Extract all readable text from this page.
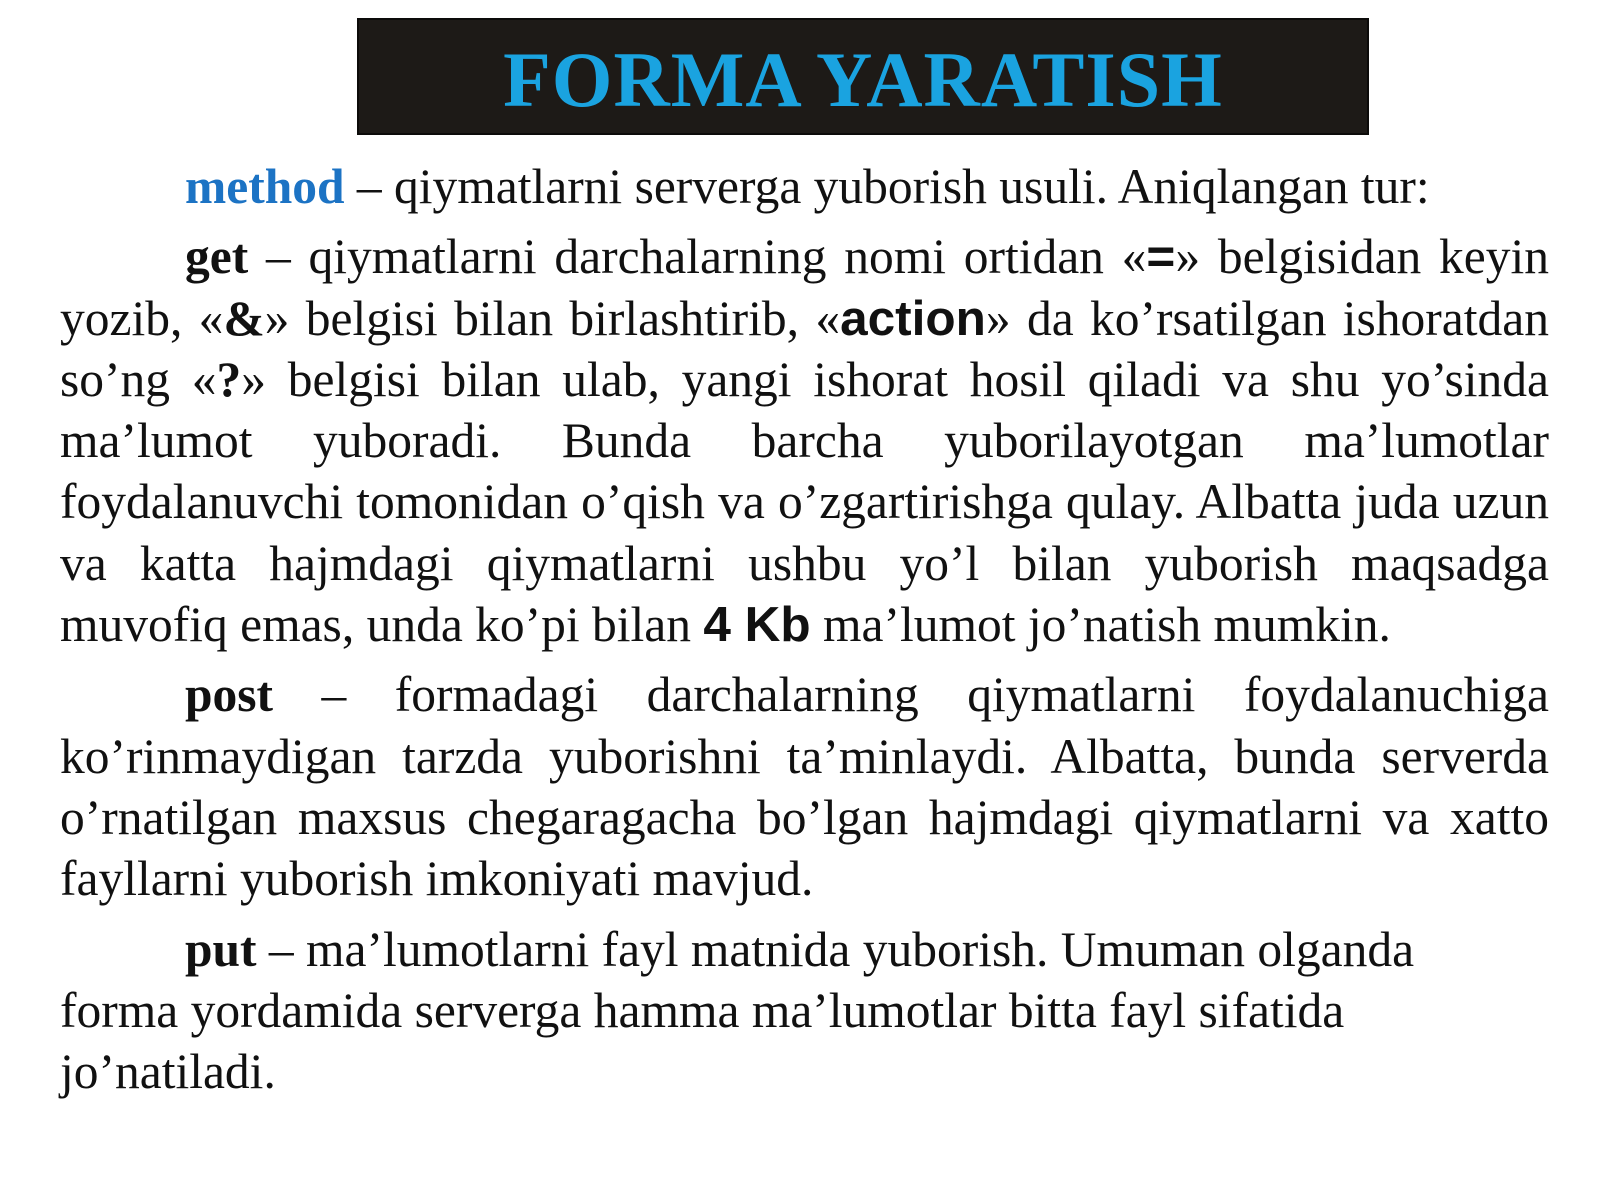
FORMA YARATISH

method – qiymatlarni serverga yuborish usuli. Aniqlangan tur:

get – qiymatlarni darchalarning nomi ortidan «=» belgisidan keyin yozib, «&» belgisi bilan birlashtirib, «action» da ko’rsatilgan ishoratdan so’ng «?» belgisi bilan ulab, yangi ishorat hosil qiladi va shu yo’sinda ma’lumot yuboradi. Bunda barcha yuborilayotgan ma’lumotlar foydalanuvchi tomonidan o’qish va o’zgartirishga qulay. Albatta juda uzun va katta hajmdagi qiymatlarni ushbu yo’l bilan yuborish maqsadga muvofiq emas, unda ko’pi bilan 4 Kb ma’lumot jo’natish mumkin.

post – formadagi darchalarning qiymatlarni foydalanuchiga ko’rinmaydigan tarzda yuborishni ta’minlaydi. Albatta, bunda serverda o’rnatilgan maxsus chegaragacha bo’lgan hajmdagi qiymatlarni va xatto fayllarni yuborish imkoniyati mavjud.

put – ma’lumotlarni fayl matnida yuborish. Umuman olganda
forma yordamida serverga hamma ma’lumotlar bitta fayl sifatida
jo’natiladi.
